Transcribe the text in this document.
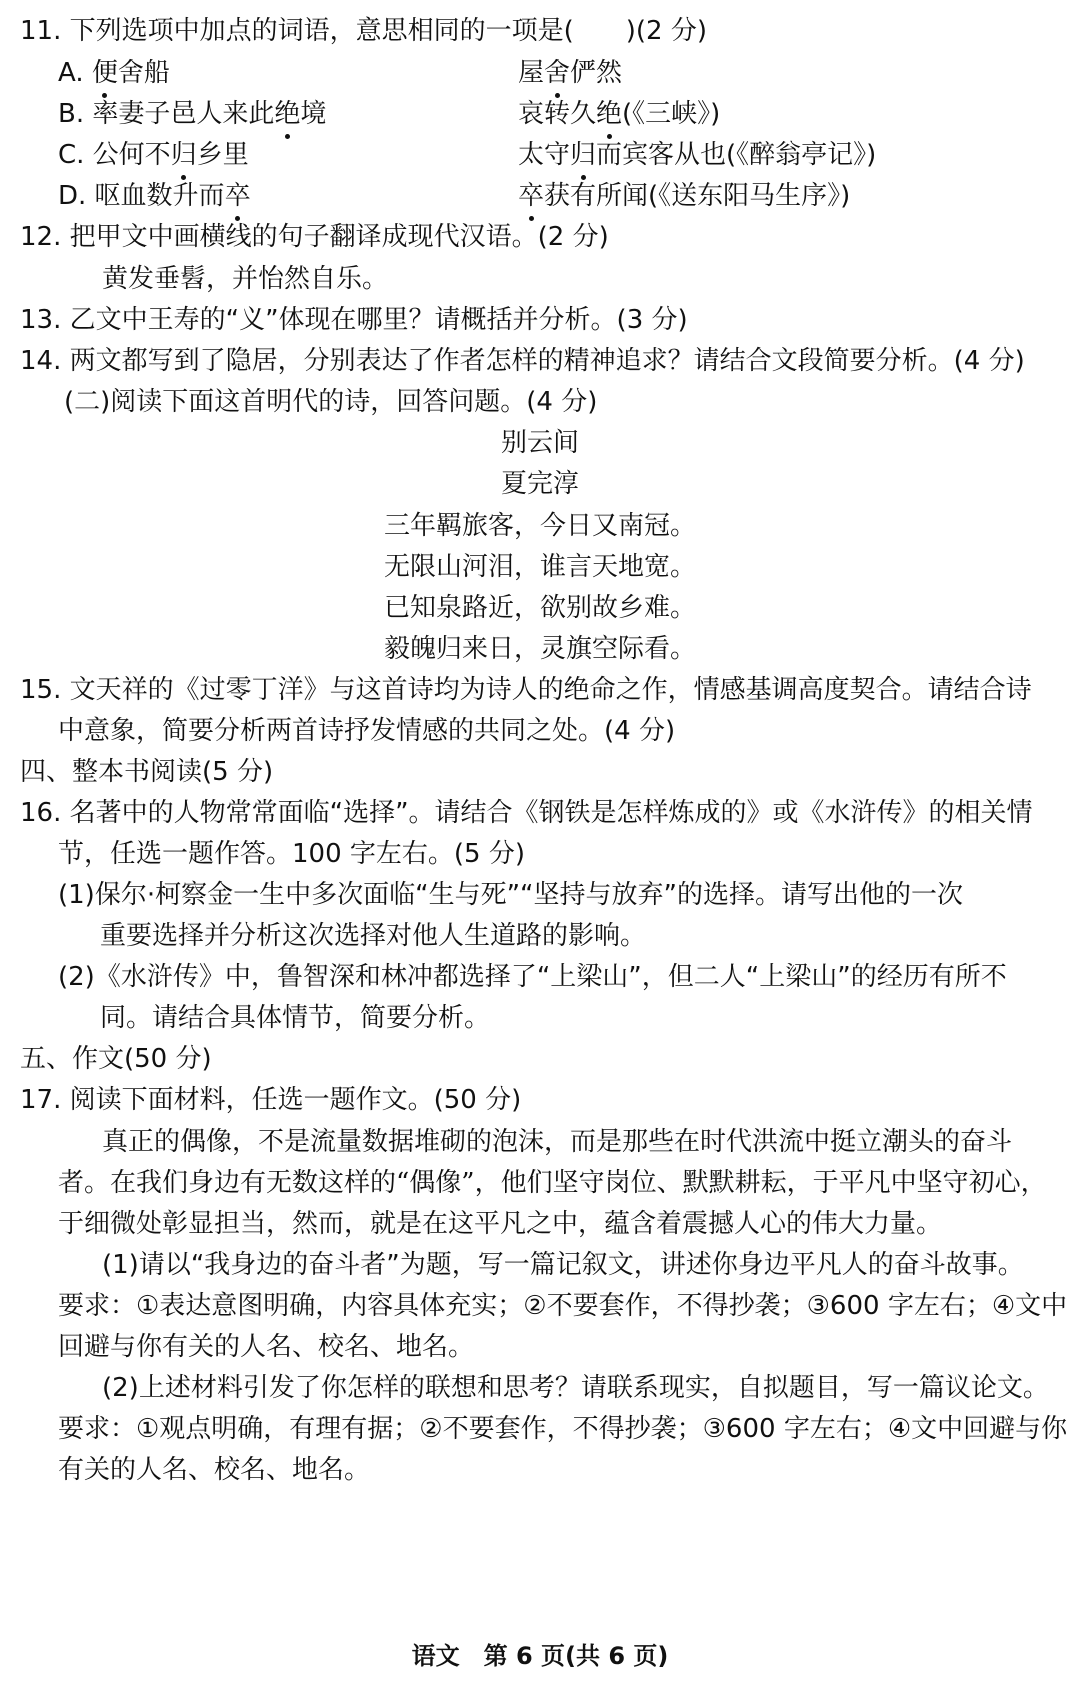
11. 下列选项中加点的词语，意思相同的一项是(　　)(2 分)
A. 便舍船	屋舍俨然
B. 率妻子邑人来此绝境	哀转久绝(《三峡》)
C. 公何不归乡里	太守归而宾客从也(《醉翁亭记》)
D. 呕血数升而卒	卒获有所闻(《送东阳马生序》)
12. 把甲文中画横线的句子翻译成现代汉语。(2 分)
黄发垂髫，并怡然自乐。
13. 乙文中王寿的“义”体现在哪里？请概括并分析。(3 分)
14. 两文都写到了隐居，分别表达了作者怎样的精神追求？请结合文段简要分析。(4 分)
(二)阅读下面这首明代的诗，回答问题。(4 分)
别云间
夏完淳
三年羁旅客，今日又南冠。
无限山河泪，谁言天地宽。
已知泉路近，欲别故乡难。
毅魄归来日，灵旗空际看。
15. 文天祥的《过零丁洋》与这首诗均为诗人的绝命之作，情感基调高度契合。请结合诗
中意象，简要分析两首诗抒发情感的共同之处。(4 分)
四、整本书阅读(5 分)
16. 名著中的人物常常面临“选择”。请结合《钢铁是怎样炼成的》或《水浒传》的相关情
节，任选一题作答。100 字左右。(5 分)
(1)保尔·柯察金一生中多次面临“生与死”“坚持与放弃”的选择。请写出他的一次
重要选择并分析这次选择对他人生道路的影响。
(2)《水浒传》中，鲁智深和林冲都选择了“上梁山”，但二人“上梁山”的经历有所不
同。请结合具体情节，简要分析。
五、作文(50 分)
17. 阅读下面材料，任选一题作文。(50 分)
真正的偶像，不是流量数据堆砌的泡沫，而是那些在时代洪流中挺立潮头的奋斗
者。在我们身边有无数这样的“偶像”，他们坚守岗位、默默耕耘，于平凡中坚守初心，
于细微处彰显担当，然而，就是在这平凡之中，蕴含着震撼人心的伟大力量。
(1)请以“我身边的奋斗者”为题，写一篇记叙文，讲述你身边平凡人的奋斗故事。
要求：①表达意图明确，内容具体充实；②不要套作，不得抄袭；③600 字左右；④文中
回避与你有关的人名、校名、地名。
(2)上述材料引发了你怎样的联想和思考？请联系现实，自拟题目，写一篇议论文。
要求：①观点明确，有理有据；②不要套作，不得抄袭；③600 字左右；④文中回避与你
有关的人名、校名、地名。
语文　第 6 页(共 6 页)
